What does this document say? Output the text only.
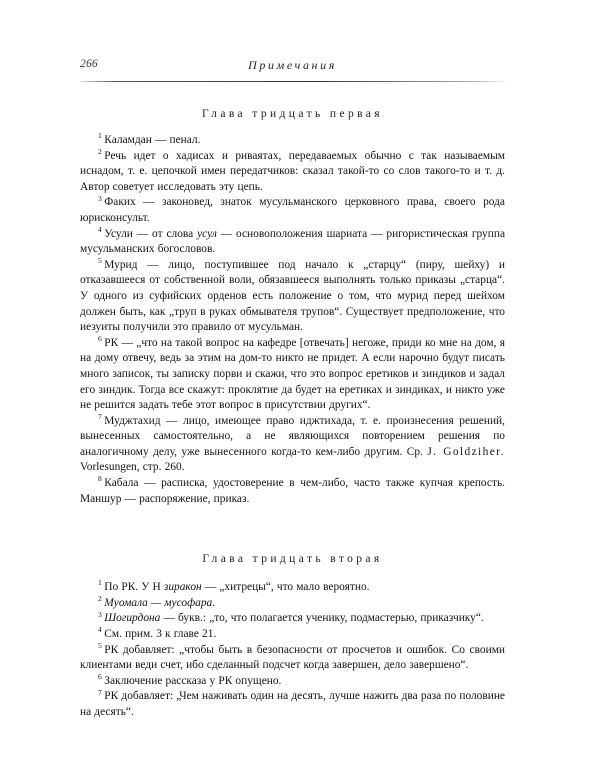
266	Примечания
Глава тридцать первая

$^1$ Каламдан — пенал.

$^2$ Речь идет о хадисах и риваятах, передаваемых обычно с так называемым иснадом, т. е. цепочкой имен передатчиков: сказал такой-то со слов такого-то и т. д. Автор советует исследовать эту цепь.

$^3$ Факих — законовед, знаток мусульманского церковного права, своего рода юрисконсульт.

$^4$ Усули — от слова усул — основоположения шариата — ригористическая группа мусульманских богословов.

$^5$ Мурид — лицо, поступившее под начало к „старцу“ (пиру, шейху) и отказавшееся от собственной воли, обязавшееся выполнять только приказы „старца“. У одного из суфийских орденов есть положение о том, что мурид перед шейхом должен быть, как „труп в руках обмывателя трупов“. Существует предположение, что иезуиты получили это правило от мусульман.

$^6$ РК — „что на такой вопрос на кафедре [отвечать] негоже, приди ко мне на дом, я на дому отвечу, ведь за этим на дом-то никто не придет. А если нарочно будут писать много записок, ты записку порви и скажи, что это вопрос еретиков и зиндиков и задал его зиндик. Тогда все скажут: проклятие да будет на еретиках и зиндиках, и никто уже не решится задать тебе этот вопрос в присутствии других“.

$^7$ Муджтахид — лицо, имеющее право иджтихада, т. е. произнесения решений, вынесенных самостоятельно, а не являющихся повторением решения по аналогичному делу, уже вынесенного когда-то кем-либо другим. Ср. J. Goldziher. Vorlesungen, стр. 260.

$^8$ Кабала — расписка, удостоверение в чем-либо, часто также купчая крепость. Маншур — распоряжение, приказ.

Глава тридцать вторая

$^1$ По РК. У Н зиракон — „хитрецы“, что мало вероятно.

$^2$ Муомала — мусофара.

$^3$ Шогирдона — букв.: „то, что полагается ученику, подмастерью, приказчику“.

$^4$ См. прим. 3 к главе 21.

$^5$ РК добавляет: „чтобы быть в безопасности от просчетов и ошибок. Со своими клиентами веди счет, ибо сделанный подсчет когда завершен, дело завершено“.

$^6$ Заключение рассказа у РК опущено.

$^7$ РК добавляет: „Чем наживать один на десять, лучше нажить два раза по половине на десять“.
